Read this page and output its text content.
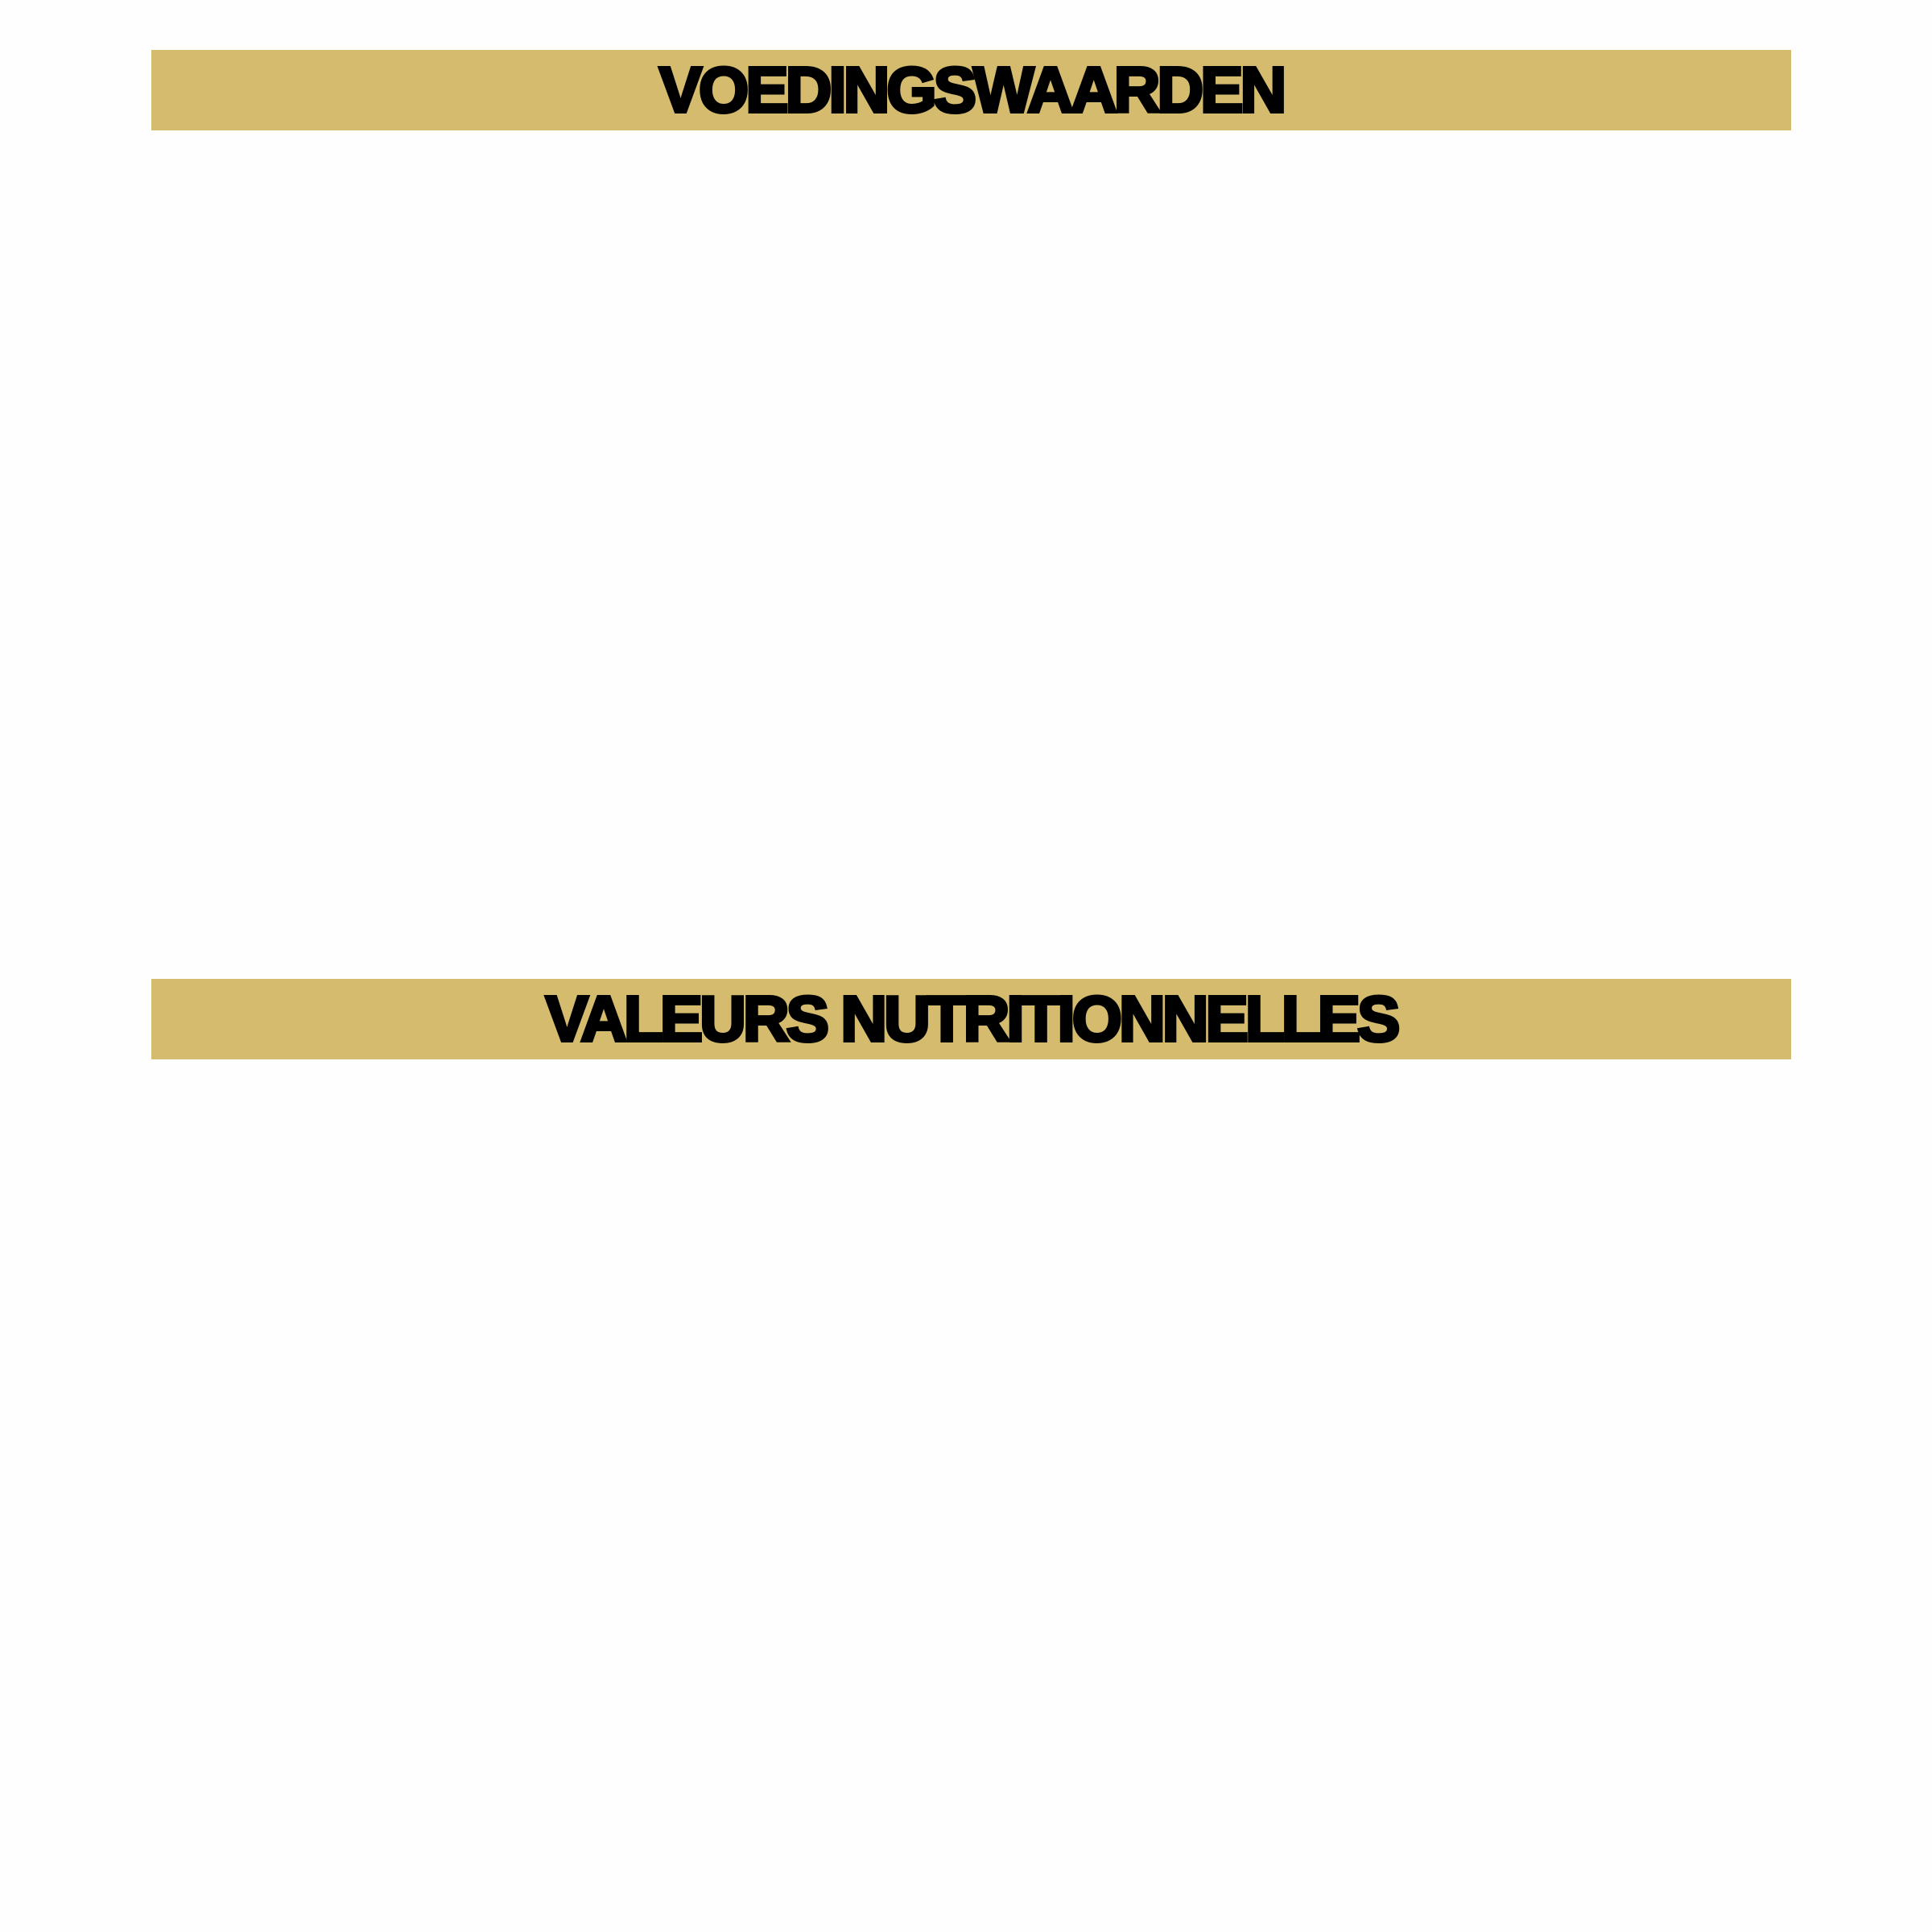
VOEDINGSWAARDEN
VALEURS NUTRITIONNELLES
